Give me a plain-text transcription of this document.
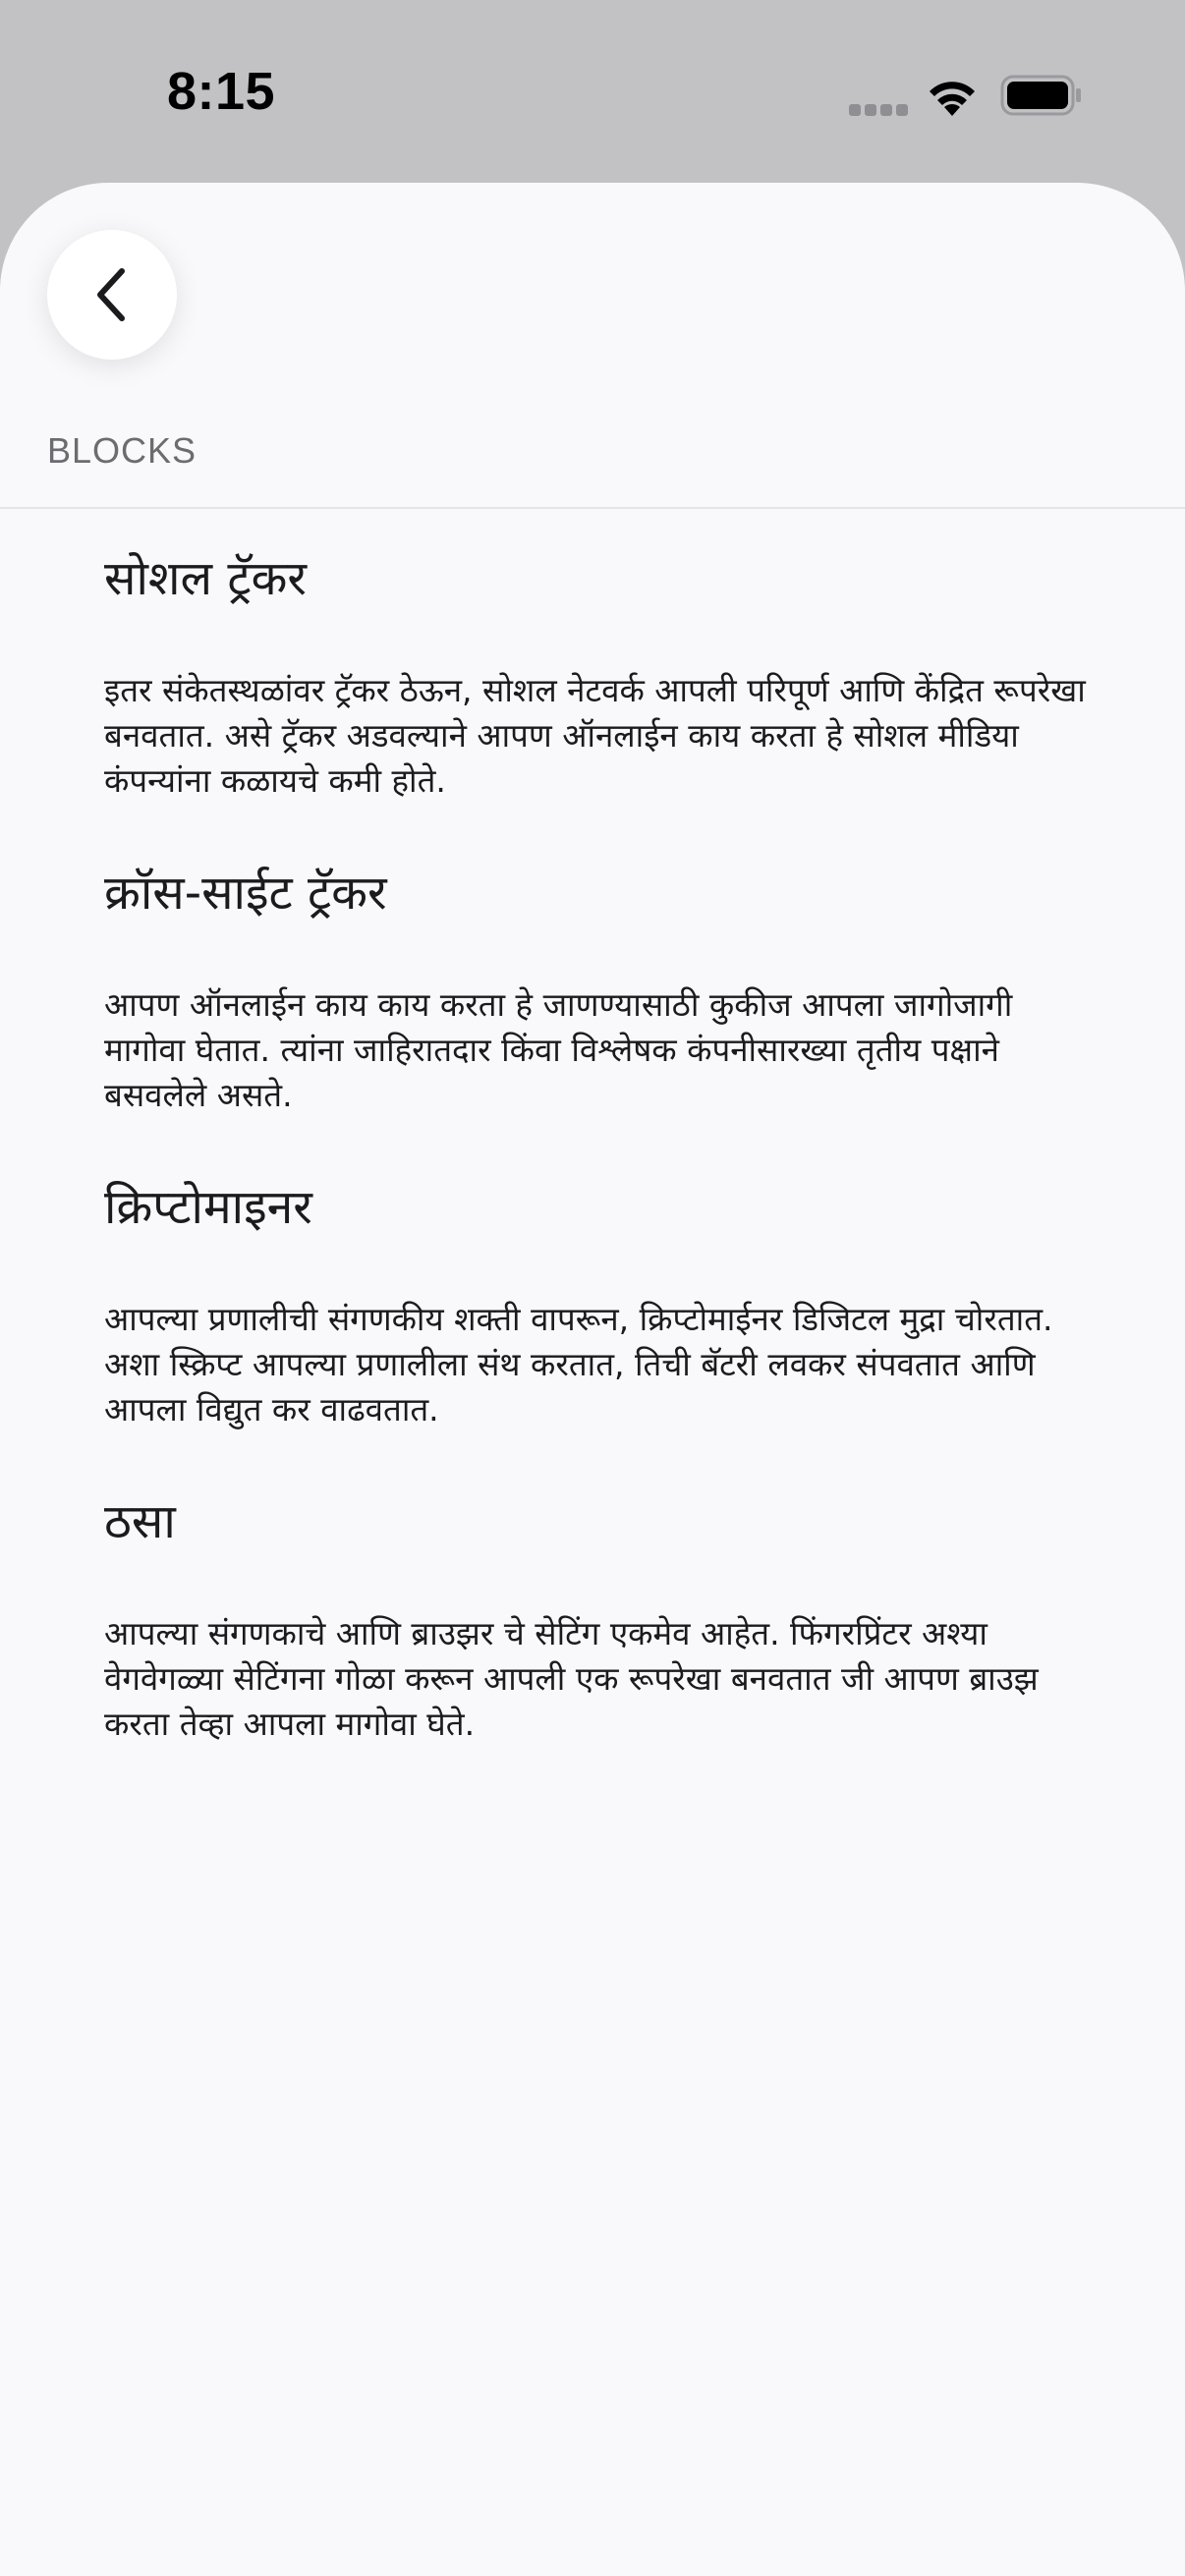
8:15
BLOCKS
सोशल ट्रॅकर

इतर संकेतस्थळांवर ट्रॅकर ठेऊन, सोशल नेटवर्क आपली परिपूर्ण आणि केंद्रित रूपरेखा बनवतात. असे ट्रॅकर अडवल्याने आपण ऑनलाईन काय करता हे सोशल मीडिया कंपन्यांना कळायचे कमी होते.

क्रॉस-साईट ट्रॅकर

आपण ऑनलाईन काय काय करता हे जाणण्यासाठी कुकीज आपला जागोजागी मागोवा घेतात. त्यांना जाहिरातदार किंवा विश्लेषक कंपनीसारख्या तृतीय पक्षाने बसवलेले असते.

क्रिप्टोमाइनर

आपल्या प्रणालीची संगणकीय शक्ती वापरून, क्रिप्टोमाईनर डिजिटल मुद्रा चोरतात. अशा स्क्रिप्ट आपल्या प्रणालीला संथ करतात, तिची बॅटरी लवकर संपवतात आणि आपला विद्युत कर वाढवतात.

ठसा

आपल्या संगणकाचे आणि ब्राउझर चे सेटिंग एकमेव आहेत. फिंगरप्रिंटर अश्या वेगवेगळ्या सेटिंगना गोळा करून आपली एक रूपरेखा बनवतात जी आपण ब्राउझ करता तेव्हा आपला मागोवा घेते.
